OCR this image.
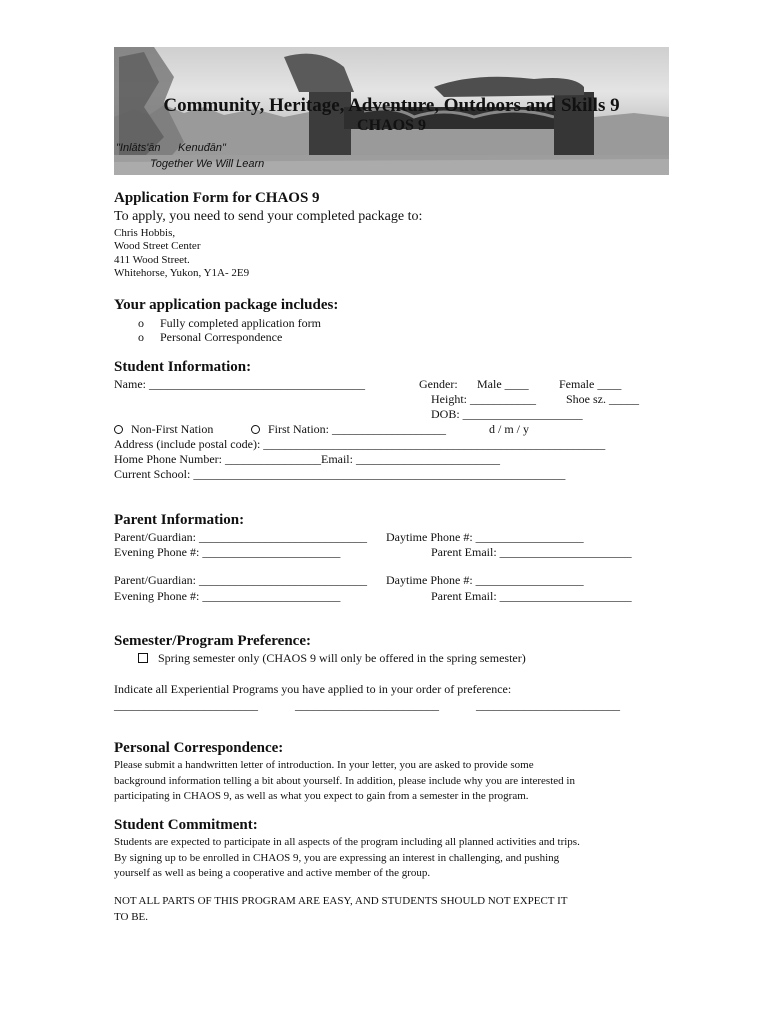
Community, Heritage, Adventure, Outdoors and Skills 9
CHAOS 9
"Inlāts'ān Kenuđān"
Together We Will Learn
Application Form for CHAOS 9
To apply, you need to send your completed package to:
Chris Hobbis,
Wood Street Center
411 Wood Street.
Whitehorse, Yukon, Y1A- 2E9
Your application package includes:
o Fully completed application form
o Personal Correspondence
Student Information:
Name: ____________________________________	Gender: Male ____	Female ____
Height: ___________	Shoe sz. _____
DOB: ____________________
Non-First Nation	First Nation: ___________________	d / m / y
Address (include postal code): _________________________________________________________
Home Phone Number: ________________Email: ________________________
Current School: ______________________________________________________________
Parent Information:
Parent/Guardian: ____________________________ Daytime Phone #: __________________
Evening Phone #: _______________________	Parent Email: ______________________
Parent/Guardian: ____________________________ Daytime Phone #: __________________
Evening Phone #: _______________________	Parent Email: ______________________
Semester/Program Preference:
Spring semester only (CHAOS 9 will only be offered in the spring semester)
Indicate all Experiential Programs you have applied to in your order of preference:
________________________	________________________	________________________
Personal Correspondence:
Please submit a handwritten letter of introduction. In your letter, you are asked to provide some
background information telling a bit about yourself. In addition, please include why you are interested in
participating in CHAOS 9, as well as what you expect to gain from a semester in the program.
Student Commitment:
Students are expected to participate in all aspects of the program including all planned activities and trips.
By signing up to be enrolled in CHAOS 9, you are expressing an interest in challenging, and pushing
yourself as well as being a cooperative and active member of the group.
NOT ALL PARTS OF THIS PROGRAM ARE EASY, AND STUDENTS SHOULD NOT EXPECT IT
TO BE.
